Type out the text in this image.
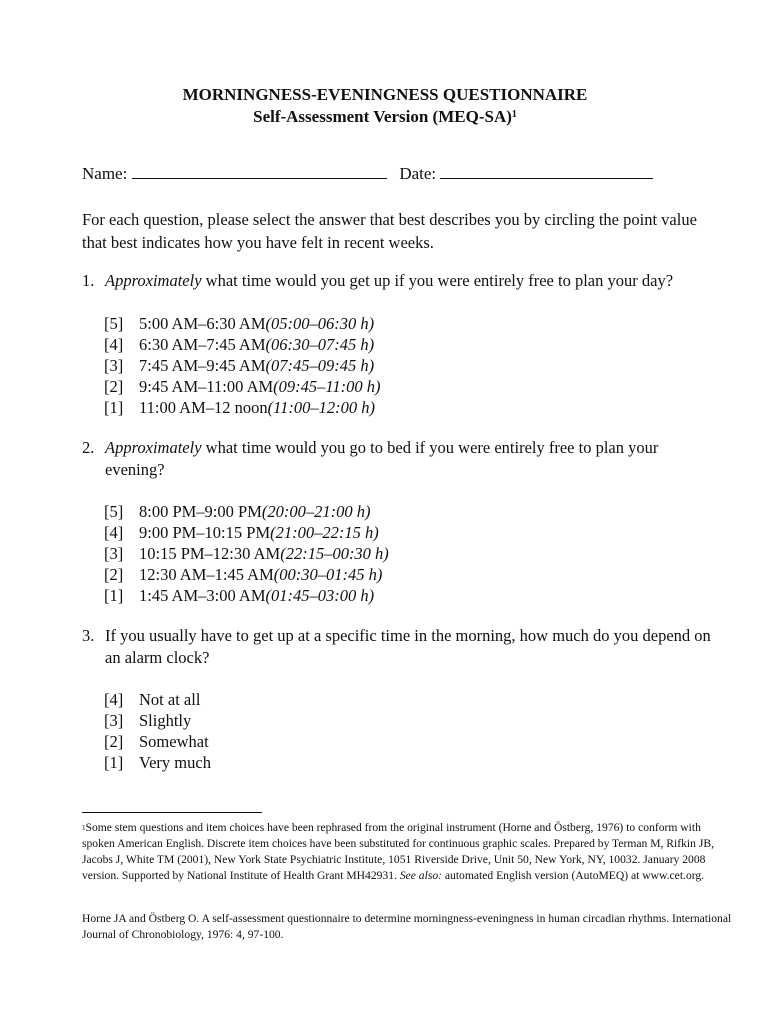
MORNINGNESS-EVENINGNESS QUESTIONNAIRE
Self-Assessment Version $(MEQ-SA)^1$
Name:	Date:
For each question, please select the answer that best describes you by circling the point value that best indicates how you have felt in recent weeks.
1. Approximately what time would you get up if you were entirely free to plan your day?
[5] 5:00 AM–6:30 AM (05:00–06:30 h)
[4] 6:30 AM–7:45 AM (06:30–07:45 h)
[3] 7:45 AM–9:45 AM (07:45–09:45 h)
[2] 9:45 AM–11:00 AM (09:45–11:00 h)
[1] 11:00 AM–12 noon (11:00–12:00 h)
2. Approximately what time would you go to bed if you were entirely free to plan your evening?
[5] 8:00 PM–9:00 PM (20:00–21:00 h)
[4] 9:00 PM–10:15 PM (21:00–22:15 h)
[3] 10:15 PM–12:30 AM (22:15–00:30 h)
[2] 12:30 AM–1:45 AM (00:30–01:45 h)
[1] 1:45 AM–3:00 AM (01:45–03:00 h)
3. If you usually have to get up at a specific time in the morning, how much do you depend on an alarm clock?
[4] Not at all
[3] Slightly
[2] Somewhat
[1] Very much
$^1$Some stem questions and item choices have been rephrased from the original instrument (Horne and Östberg, 1976) to conform with spoken American English. Discrete item choices have been substituted for continuous graphic scales. Prepared by Terman M, Rifkin JB, Jacobs J, White TM (2001), New York State Psychiatric Institute, 1051 Riverside Drive, Unit 50, New York, NY, 10032. January 2008 version. Supported by National Institute of Health Grant MH42931. See also: automated English version (AutoMEQ) at www.cet.org.
Horne JA and Östberg O. A self-assessment questionnaire to determine morningness-eveningness in human circadian rhythms. International Journal of Chronobiology, 1976: 4, 97-100.
